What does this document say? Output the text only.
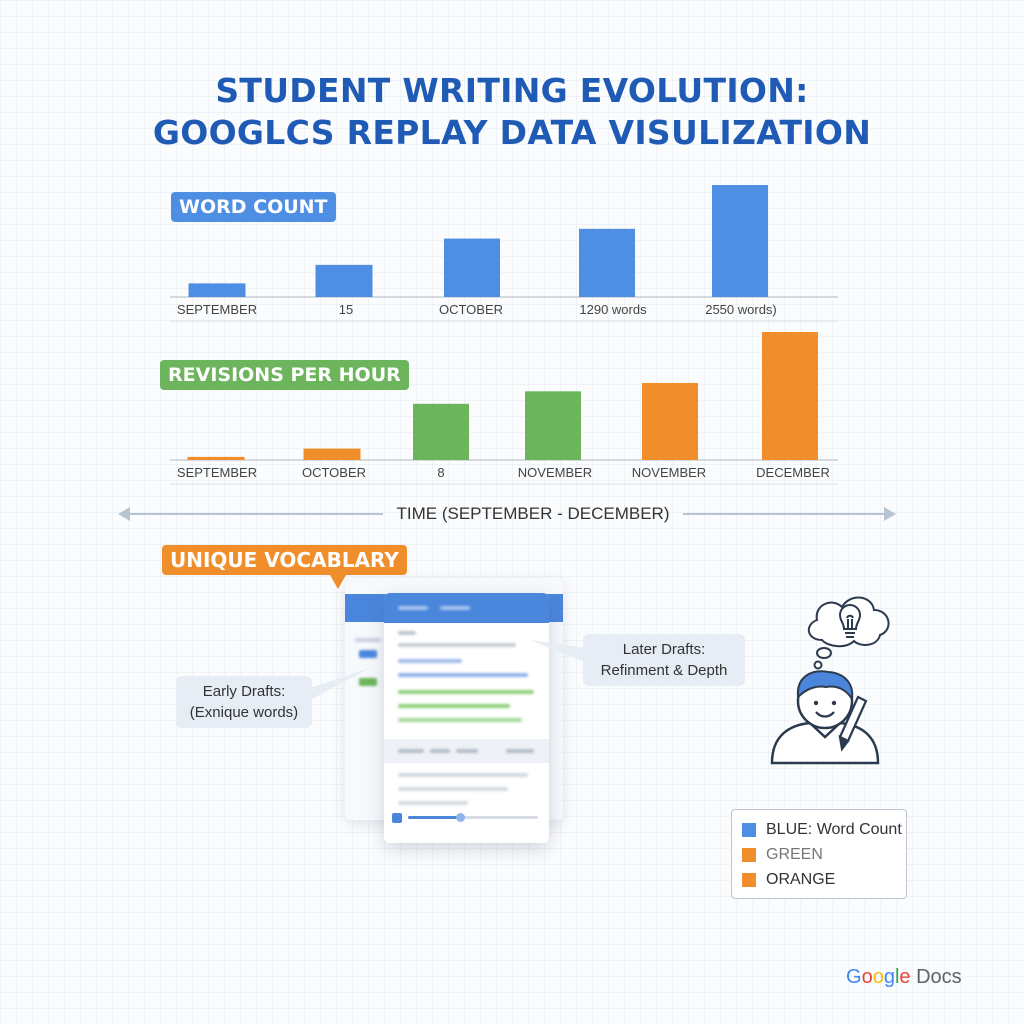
STUDENT WRITING EVOLUTION:
GOOGLCS REPLAY DATA VISULIZATION
WORD COUNT
SEPTEMBER	15	OCTOBER	1290 words	2550 words)
REVISIONS PER HOUR
SEPTEMBER	OCTOBER	8	NOVEMBER	NOVEMBER	DECEMBER
TIME (SEPTEMBER - DECEMBER)
UNIQUE VOCABLARY
Early Drafts:
(Exnique words)
Later Drafts:
Refinment & Depth
BLUE: Word Count
GREEN
ORANGE
Google Docs
